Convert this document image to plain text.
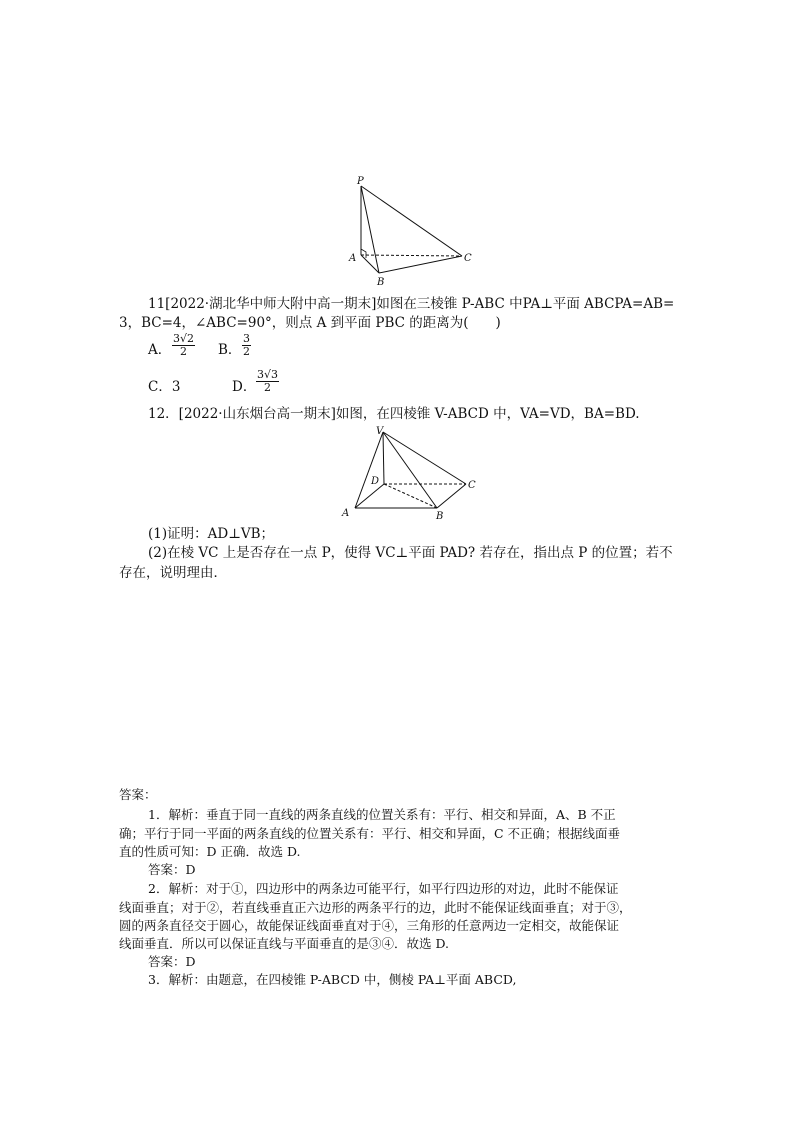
P
A
B
C
11[2022·湖北华中师大附中高一期末]如图在三棱锥 P-ABC 中PA⊥平面 ABCPA=AB=
3，BC=4，∠ABC=90°，则点 A 到平面 PBC 的距离为(　　)
A． $\frac{3√2}{2}$ B． $\frac{3}{2}$
C．3	D． $\frac{3√3}{2}$
12．[2022·山东烟台高一期末]如图，在四棱锥 V-ABCD 中，VA=VD，BA=BD.
V
D	C
A	B
(1)证明：AD⊥VB；
(2)在棱 VC 上是否存在一点 P，使得 VC⊥平面 PAD? 若存在，指出点 P 的位置；若不
存在，说明理由．
答案：
1．解析：垂直于同一直线的两条直线的位置关系有：平行、相交和异面，A、B 不正
确；平行于同一平面的两条直线的位置关系有：平行、相交和异面，C 不正确；根据线面垂
直的性质可知：D 正确．故选 D.
答案：D
2．解析：对于①，四边形中的两条边可能平行，如平行四边形的对边，此时不能保证
线面垂直；对于②，若直线垂直正六边形的两条平行的边，此时不能保证线面垂直；对于③，
圆的两条直径交于圆心，故能保证线面垂直对于④，三角形的任意两边一定相交，故能保证
线面垂直．所以可以保证直线与平面垂直的是③④．故选 D.
答案：D
3．解析：由题意，在四棱锥 P-ABCD 中，侧棱 PA⊥平面 ABCD,
